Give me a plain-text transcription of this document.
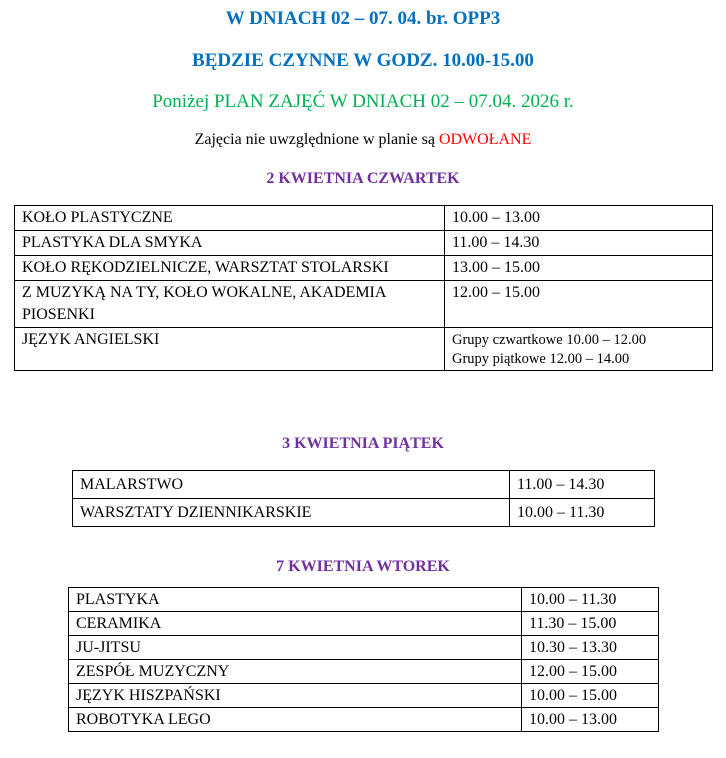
W DNIACH 02 – 07. 04. br. OPP3
BĘDZIE CZYNNE W GODZ. 10.00-15.00
Poniżej PLAN ZAJĘĆ W DNIACH 02 – 07.04. 2026 r.
Zajęcia nie uwzględnione w planie są ODWOŁANE
2 KWIETNIA CZWARTEK
KOŁO PLASTYCZNE	10.00 – 13.00
PLASTYKA DLA SMYKA	11.00 – 14.30
KOŁO RĘKODZIELNICZE, WARSZTAT STOLARSKI	13.00 – 15.00
Z MUZYKĄ NA TY, KOŁO WOKALNE, AKADEMIA PIOSENKI	12.00 – 15.00
JĘZYK ANGIELSKI	Grupy czwartkowe 10.00 – 12.00
Grupy piątkowe 12.00 – 14.00
3 KWIETNIA PIĄTEK
MALARSTWO	11.00 – 14.30
WARSZTATY DZIENNIKARSKIE	10.00 – 11.30
7 KWIETNIA WTOREK
PLASTYKA	10.00 – 11.30
CERAMIKA	11.30 – 15.00
JU-JITSU	10.30 – 13.30
ZESPÓŁ MUZYCZNY	12.00 – 15.00
JĘZYK HISZPAŃSKI	10.00 – 15.00
ROBOTYKA LEGO	10.00 – 13.00
